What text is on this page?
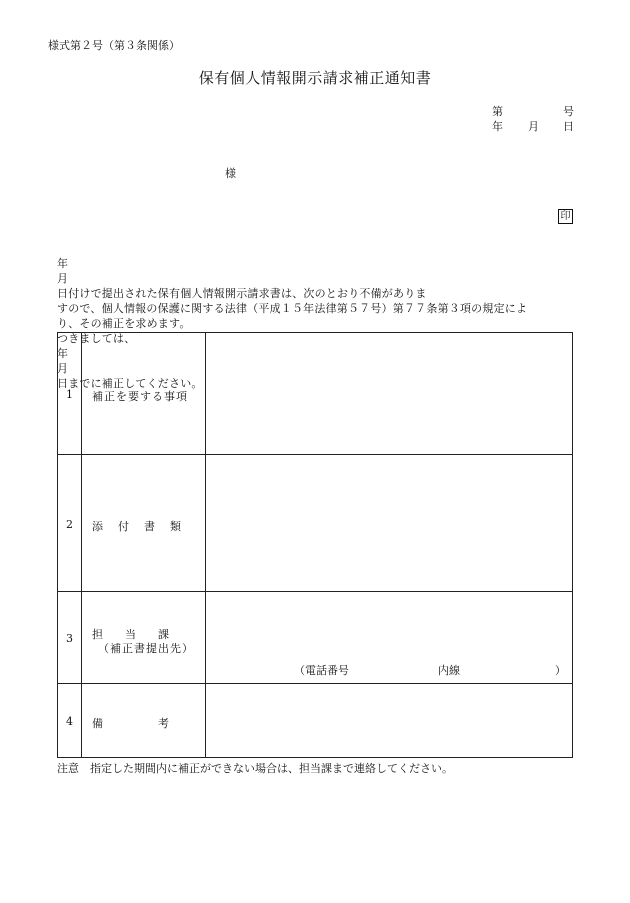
様式第２号（第３条関係）
保有個人情報開示請求補正通知書
第	号
年 月 日
様
印
年
月
日付けで提出された保有個人情報開示請求書は、次のとおり不備がありま
すので、個人情報の保護に関する法律（平成１５年法律第５７号）第７７条第３項の規定によ
り、その補正を求めます。
つきましては、
年
月
日までに補正してください。
1	補正を要する事項
2	添　付　書　類
3	担　　当　　課
（補正書提出先）
（電話番号	内線	）
4	備　　　　　考
注意　指定した期間内に補正ができない場合は、担当課まで連絡してください。
